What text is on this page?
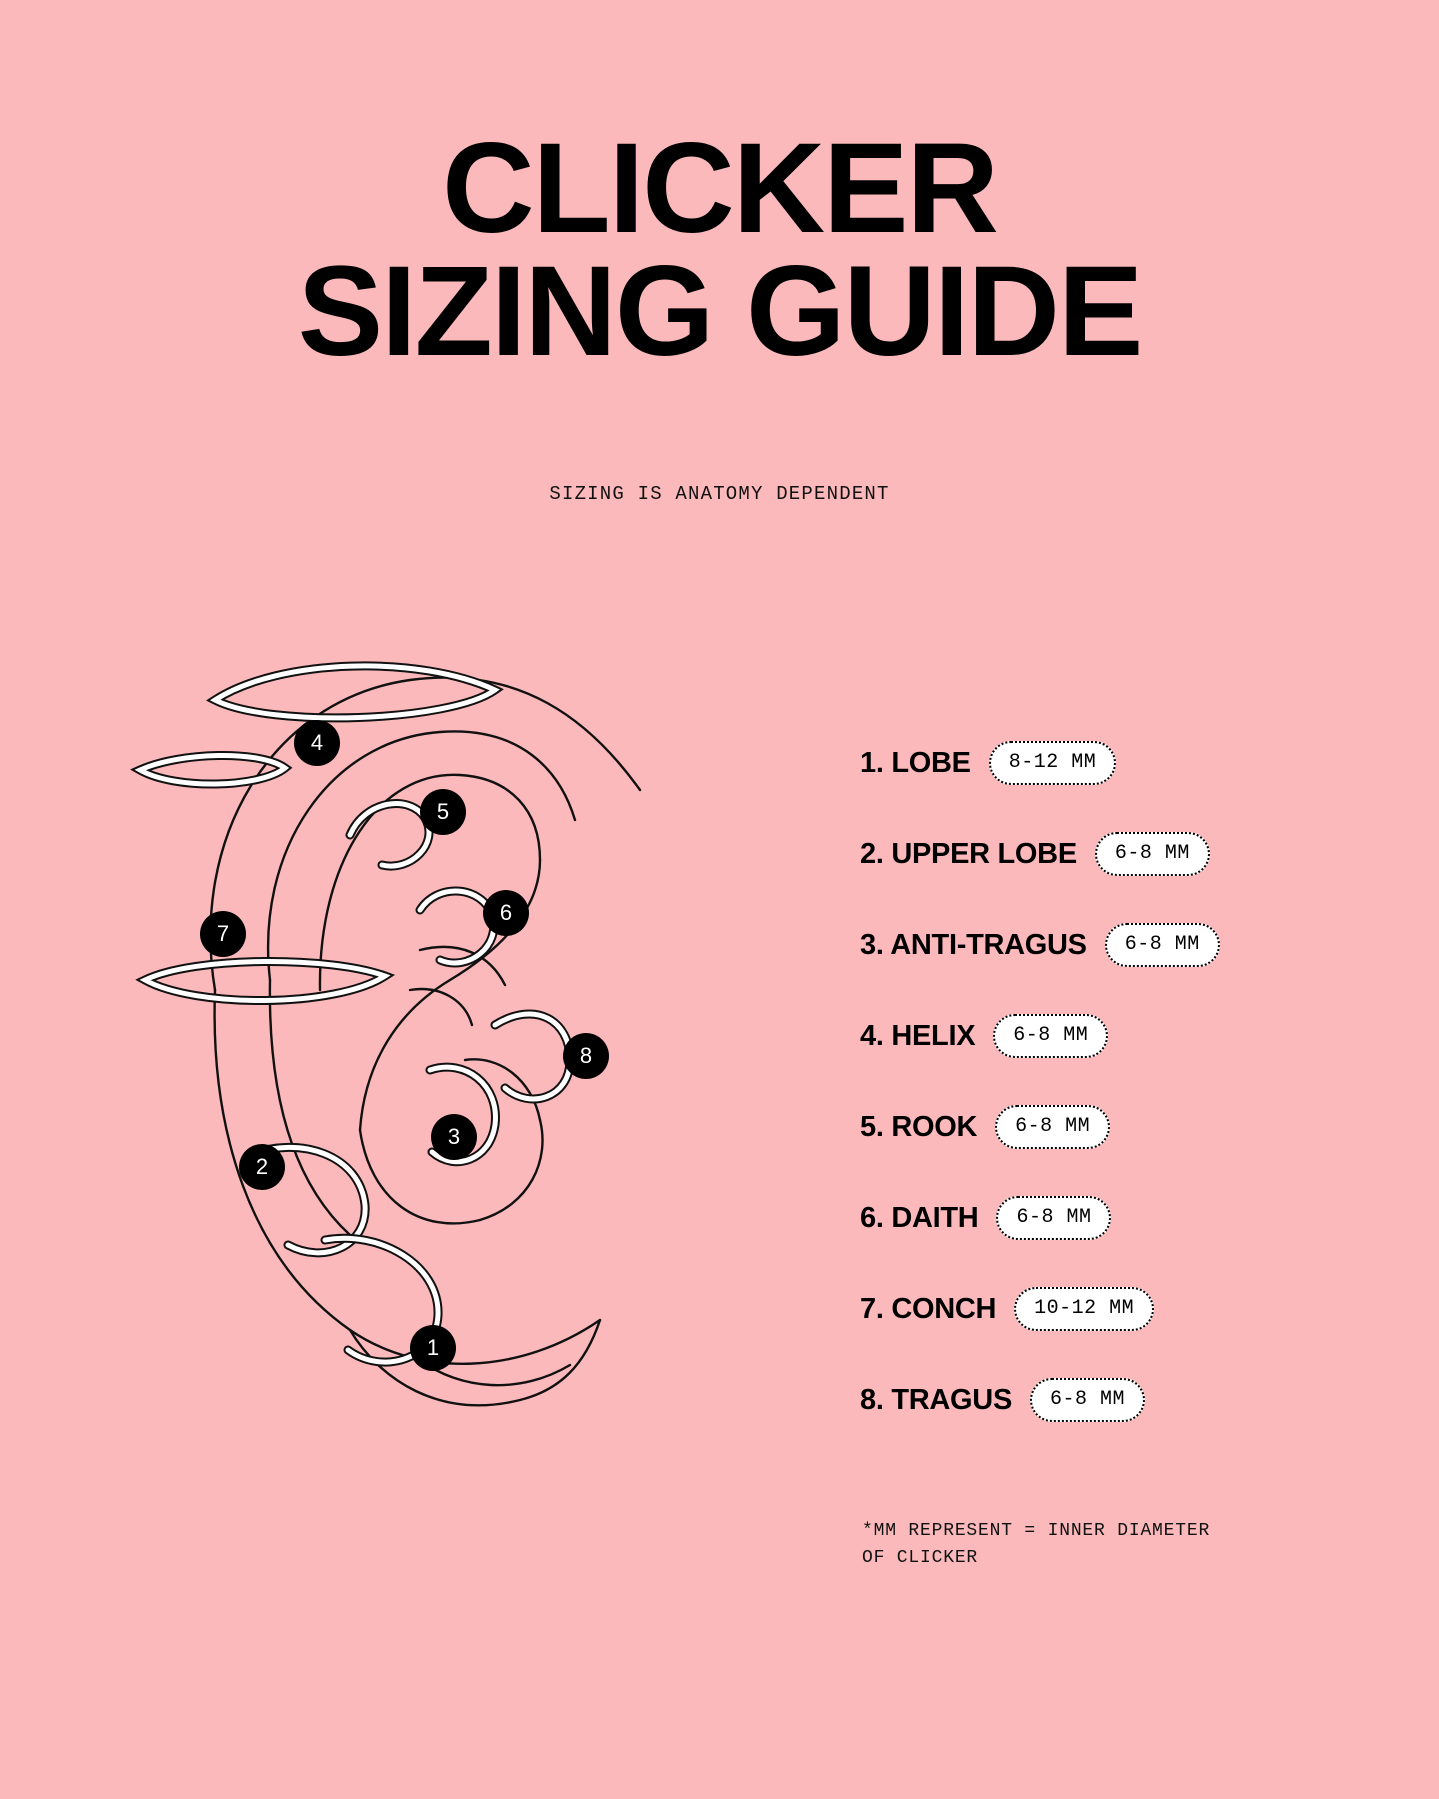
CLICKER
SIZING GUIDE
SIZING IS ANATOMY DEPENDENT
1
2
3
4
5
6
7
8
1. LOBE	8-12 MM
2. UPPER LOBE	6-8 MM
3. ANTI-TRAGUS	6-8 MM
4. HELIX	6-8 MM
5. ROOK	6-8 MM
6. DAITH	6-8 MM
7. CONCH	10-12 MM
8. TRAGUS	6-8 MM
*MM REPRESENT = INNER DIAMETER
OF CLICKER
